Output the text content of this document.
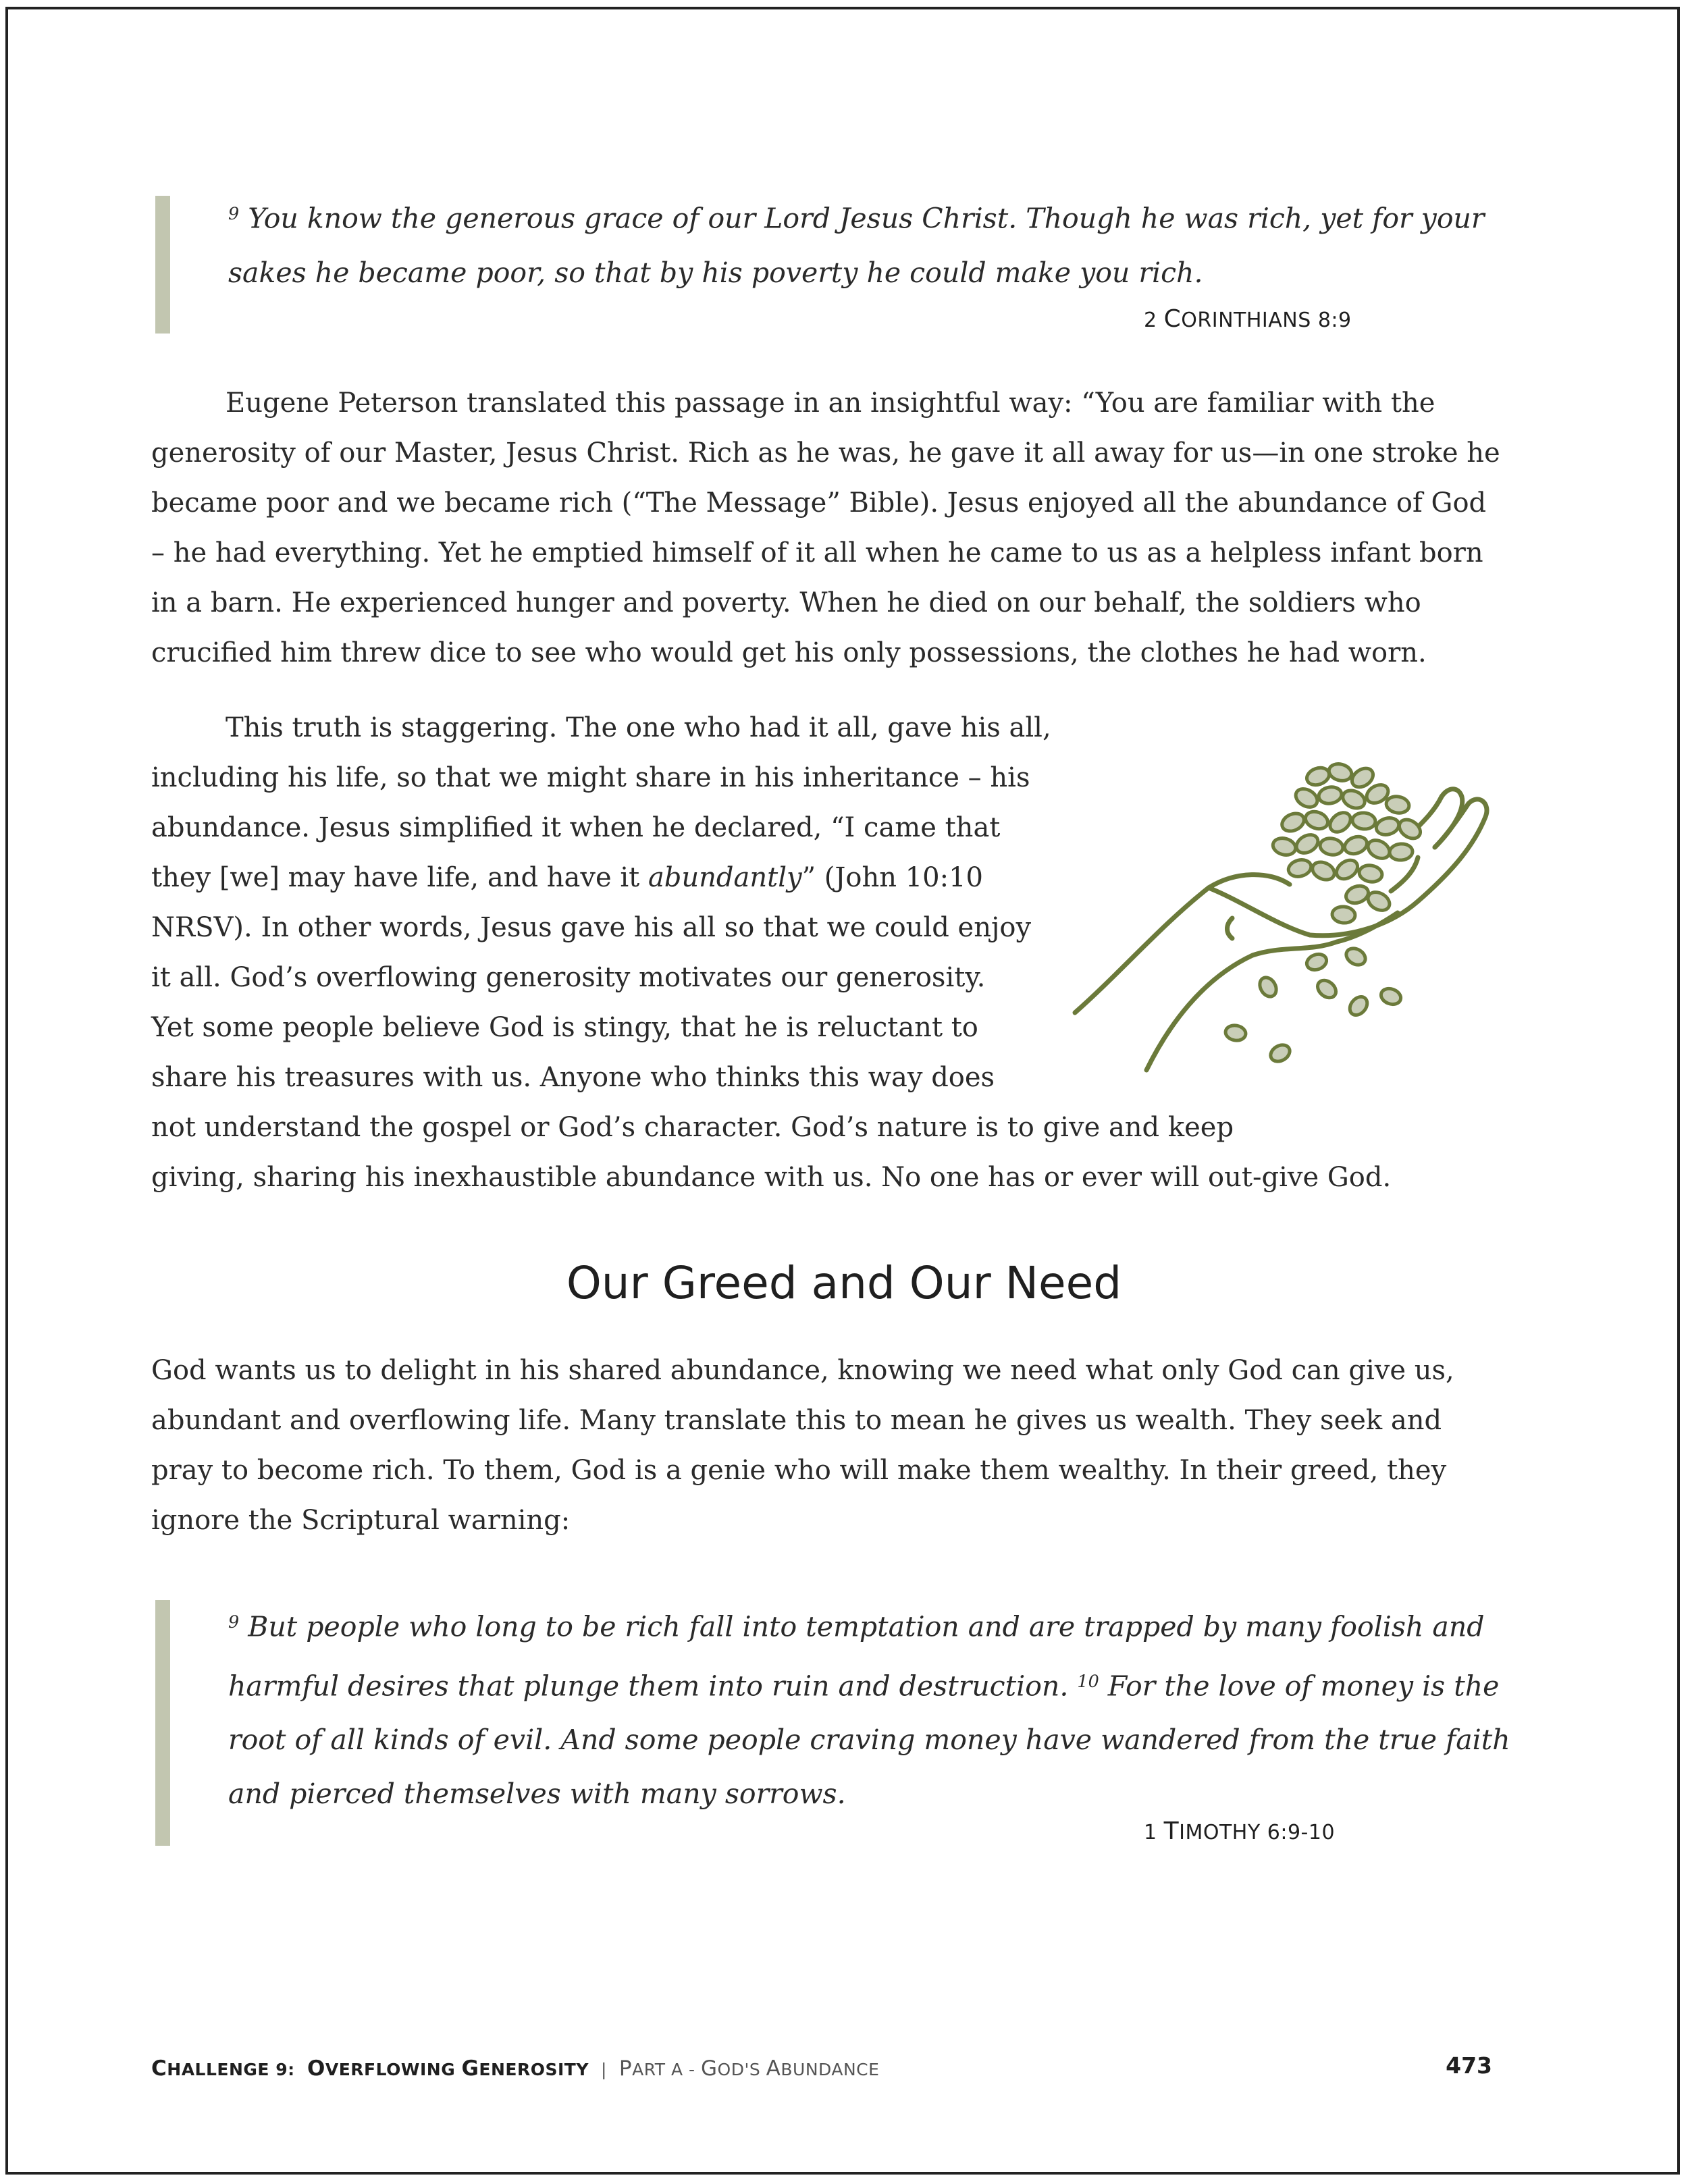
$^9$ You know the generous grace of our Lord Jesus Christ. Though he was rich, yet for your sakes he became poor, so that by his poverty he could make you rich.

2 CORINTHIANS 8:9

Eugene Peterson translated this passage in an insightful way: “You are familiar with the generosity of our Master, Jesus Christ. Rich as he was, he gave it all away for us—in one stroke he became poor and we became rich (“The Message” Bible). Jesus enjoyed all the abundance of God – he had everything. Yet he emptied himself of it all when he came to us as a helpless infant born in a barn. He experienced hunger and poverty. When he died on our behalf, the soldiers who crucified him threw dice to see who would get his only possessions, the clothes he had worn.

This truth is staggering. The one who had it all, gave his all,
including his life, so that we might share in his inheritance – his
abundance. Jesus simplified it when he declared, “I came that
they [we] may have life, and have it abundantly” (John 10:10
NRSV). In other words, Jesus gave his all so that we could enjoy
it all. God’s overflowing generosity motivates our generosity.
Yet some people believe God is stingy, that he is reluctant to
share his treasures with us. Anyone who thinks this way does
not understand the gospel or God’s character. God’s nature is to give and keep
giving, sharing his inexhaustible abundance with us. No one has or ever will out-give God.
Our Greed and Our Need

God wants us to delight in his shared abundance, knowing we need what only God can give us, abundant and overflowing life. Many translate this to mean he gives us wealth. They seek and pray to become rich. To them, God is a genie who will make them wealthy. In their greed, they ignore the Scriptural warning:

$^9$ But people who long to be rich fall into temptation and are trapped by many foolish and harmful desires that plunge them into ruin and destruction. $^{10}$ For the love of money is the root of all kinds of evil. And some people craving money have wandered from the true faith and pierced themselves with many sorrows.

1 TIMOTHY 6:9-10
CHALLENGE 9:  OVERFLOWING GENEROSITY | PART A - GOD'S ABUNDANCE	473
